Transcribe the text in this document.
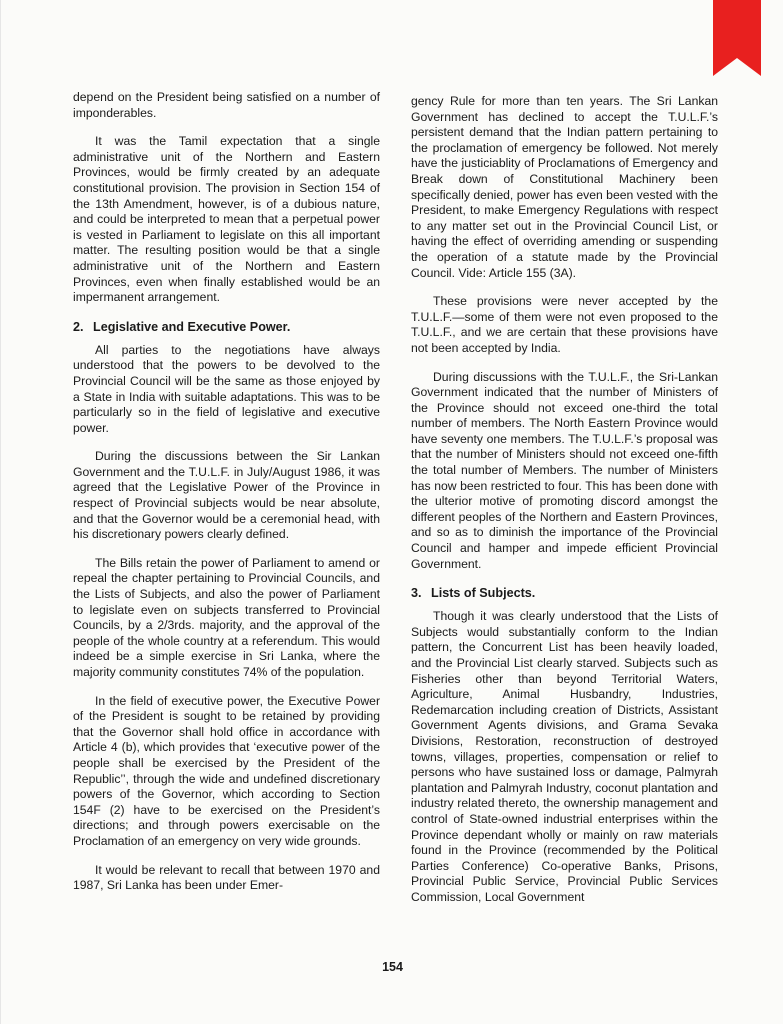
depend on the President being satisfied on a number of imponderables.

It was the Tamil expectation that a single administrative unit of the Northern and Eastern Provinces, would be firmly created by an adequate constitutional provision. The provision in Section 154 of the 13th Amendment, however, is of a dubious nature, and could be interpreted to mean that a perpetual power is vested in Parliament to legislate on this all important matter. The resulting position would be that a single administrative unit of the Northern and Eastern Provinces, even when finally established would be an impermanent arrangement.

2. Legislative and Executive Power.

All parties to the negotiations have always understood that the powers to be devolved to the Provincial Council will be the same as those enjoyed by a State in India with suitable adaptations. This was to be particularly so in the field of legislative and executive power.

During the discussions between the Sir Lankan Government and the T.U.L.F. in July/August 1986, it was agreed that the Legislative Power of the Province in respect of Provincial subjects would be near absolute, and that the Governor would be a ceremonial head, with his discretionary powers clearly defined.

The Bills retain the power of Parliament to amend or repeal the chapter pertaining to Provincial Councils, and the Lists of Subjects, and also the power of Parliament to legislate even on subjects transferred to Provincial Councils, by a 2/3rds. majority, and the approval of the people of the whole country at a referendum. This would indeed be a simple exercise in Sri Lanka, where the majority community constitutes 74% of the population.

In the field of executive power, the Executive Power of the President is sought to be retained by providing that the Governor shall hold office in accordance with Article 4 (b), which provides that ‘executive power of the people shall be exercised by the President of the Republic’’, through the wide and undefined discretionary powers of the Governor, which according to Section 154F (2) have to be exercised on the President’s directions; and through powers exercisable on the Proclamation of an emergency on very wide grounds.

It would be relevant to recall that between 1970 and 1987, Sri Lanka has been under Emer-

gency Rule for more than ten years. The Sri Lankan Government has declined to accept the T.U.L.F.’s persistent demand that the Indian pattern pertaining to the proclamation of emergency be followed. Not merely have the justiciablity of Proclamations of Emergency and Break down of Constitutional Machinery been specifically denied, power has even been vested with the President, to make Emergency Regulations with respect to any matter set out in the Provincial Council List, or having the effect of overriding amending or suspending the operation of a statute made by the Provincial Council. Vide: Article 155 (3A).

These provisions were never accepted by the T.U.L.F.—some of them were not even proposed to the T.U.L.F., and we are certain that these provisions have not been accepted by India.

During discussions with the T.U.L.F., the Sri-Lankan Government indicated that the number of Ministers of the Province should not exceed one-third the total number of members. The North Eastern Province would have seventy one members. The T.U.L.F.’s proposal was that the number of Ministers should not exceed one-fifth the total number of Members. The number of Ministers has now been restricted to four. This has been done with the ulterior motive of promoting discord amongst the different peoples of the Northern and Eastern Provinces, and so as to diminish the importance of the Provincial Council and hamper and impede efficient Provincial Government.

3. Lists of Subjects.

Though it was clearly understood that the Lists of Subjects would substantially conform to the Indian pattern, the Concurrent List has been heavily loaded, and the Provincial List clearly starved. Subjects such as Fisheries other than beyond Territorial Waters, Agriculture, Animal Husbandry, Industries, Redemarcation including creation of Districts, Assistant Government Agents divisions, and Grama Sevaka Divisions, Restoration, reconstruction of destroyed towns, villages, properties, compensation or relief to persons who have sustained loss or damage, Palmyrah plantation and Palmyrah Industry, coconut plantation and industry related thereto, the ownership management and control of State-owned industrial enterprises within the Province dependant wholly or mainly on raw materials found in the Province (recommended by the Political Parties Conference) Co-operative Banks, Prisons, Provincial Public Service, Provincial Public Services Commission, Local Government

154
